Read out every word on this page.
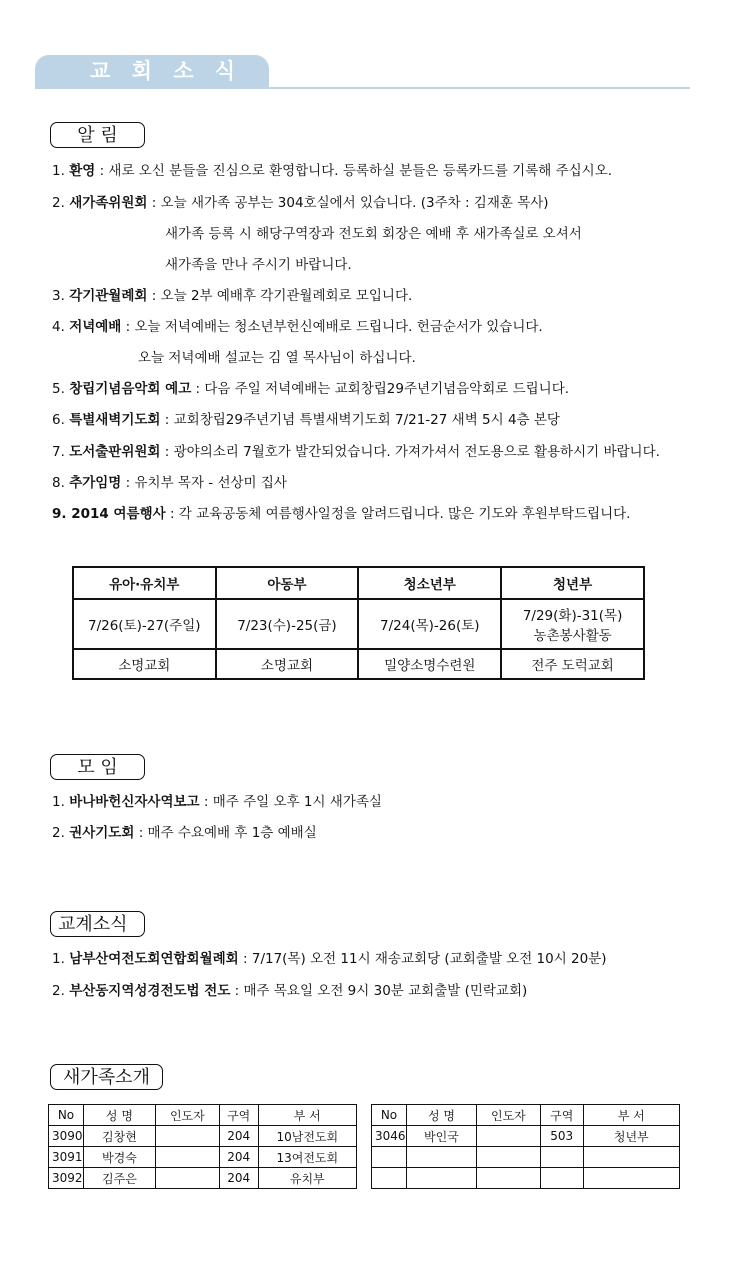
교 회 소 식
알 림
1. 환영 : 새로 오신 분들을 진심으로 환영합니다. 등록하실 분들은 등록카드를 기록해 주십시오.
2. 새가족위원회 : 오늘 새가족 공부는 304호실에서 있습니다. (3주차 : 김재훈 목사)
새가족 등록 시 해당구역장과 전도회 회장은 예배 후 새가족실로 오셔서
새가족을 만나 주시기 바랍니다.
3. 각기관월례회 : 오늘 2부 예배후 각기관월례회로 모입니다.
4. 저녁예배 : 오늘 저녁예배는 청소년부헌신예배로 드립니다. 헌금순서가 있습니다.
오늘 저녁예배 설교는 김 열 목사님이 하십니다.
5. 창립기념음악회 예고 : 다음 주일 저녁예배는 교회창립29주년기념음악회로 드립니다.
6. 특별새벽기도회 : 교회창립29주년기념 특별새벽기도회 7/21-27 새벽 5시 4층 본당
7. 도서출판위원회 : 광야의소리 7월호가 발간되었습니다. 가져가셔서 전도용으로 활용하시기 바랍니다.
8. 추가임명 : 유치부 목자 - 선상미 집사
9. 2014 여름행사 : 각 교육공동체 여름행사일정을 알려드립니다. 많은 기도와 후원부탁드립니다.
유아·유치부	아동부	청소년부	청년부
7/26(토)-27(주일)	7/23(수)-25(금)	7/24(목)-26(토)	7/29(화)-31(목)
농촌봉사활동
소명교회	소명교회	밀양소명수련원	전주 도럭교회
모 임
1. 바나바헌신자사역보고 : 매주 주일 오후 1시 새가족실
2. 권사기도회 : 매주 수요예배 후 1층 예배실
교계소식
1. 남부산여전도회연합회월례회 : 7/17(목) 오전 11시 재송교회당 (교회출발 오전 10시 20분)
2. 부산동지역성경전도법 전도 : 매주 목요일 오전 9시 30분 교회출발 (민락교회)
새가족소개
No	성 명	인도자	구역	부 서
3090	김창현		204	10남전도회
3091	박경숙		204	13여전도회
3092	김주은		204	유치부
No	성 명	인도자	구역	부 서
3046	박인국		503	청년부
